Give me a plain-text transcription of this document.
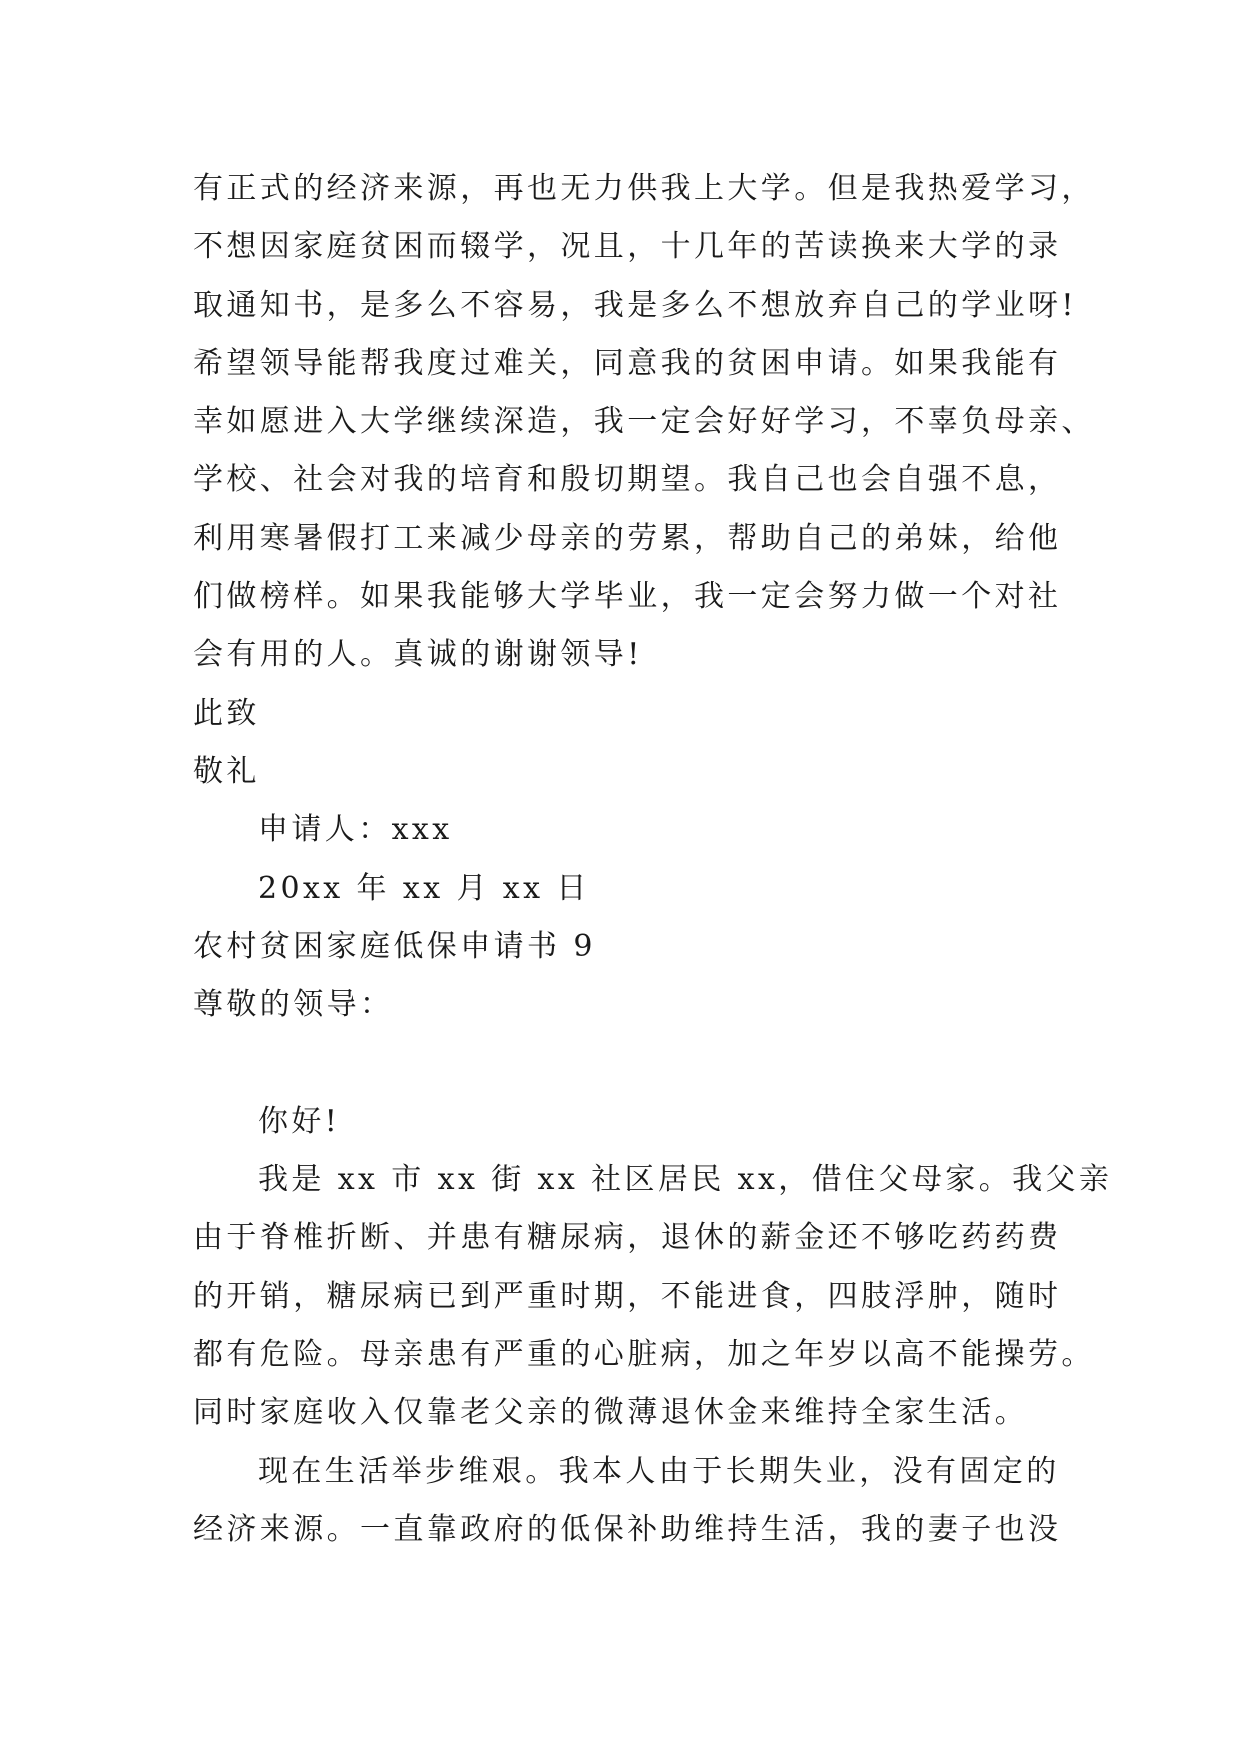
有正式的经济来源，再也无力供我上大学。但是我热爱学习，
不想因家庭贫困而辍学，况且，十几年的苦读换来大学的录
取通知书，是多么不容易，我是多么不想放弃自己的学业呀!
希望领导能帮我度过难关，同意我的贫困申请。如果我能有
幸如愿进入大学继续深造，我一定会好好学习，不辜负母亲、
学校、社会对我的培育和殷切期望。我自己也会自强不息，
利用寒暑假打工来减少母亲的劳累，帮助自己的弟妹，给他
们做榜样。如果我能够大学毕业，我一定会努力做一个对社
会有用的人。真诚的谢谢领导!
此致
敬礼
申请人：xxx
20xx 年 xx 月 xx 日
农村贫困家庭低保申请书 9
尊敬的领导：
你好!
我是 xx 市 xx 街 xx 社区居民 xx，借住父母家。我父亲
由于脊椎折断、并患有糖尿病，退休的薪金还不够吃药药费
的开销，糖尿病已到严重时期，不能进食，四肢浮肿，随时
都有危险。母亲患有严重的心脏病，加之年岁以高不能操劳。
同时家庭收入仅靠老父亲的微薄退休金来维持全家生活。
现在生活举步维艰。我本人由于长期失业，没有固定的
经济来源。一直靠政府的低保补助维持生活，我的妻子也没
